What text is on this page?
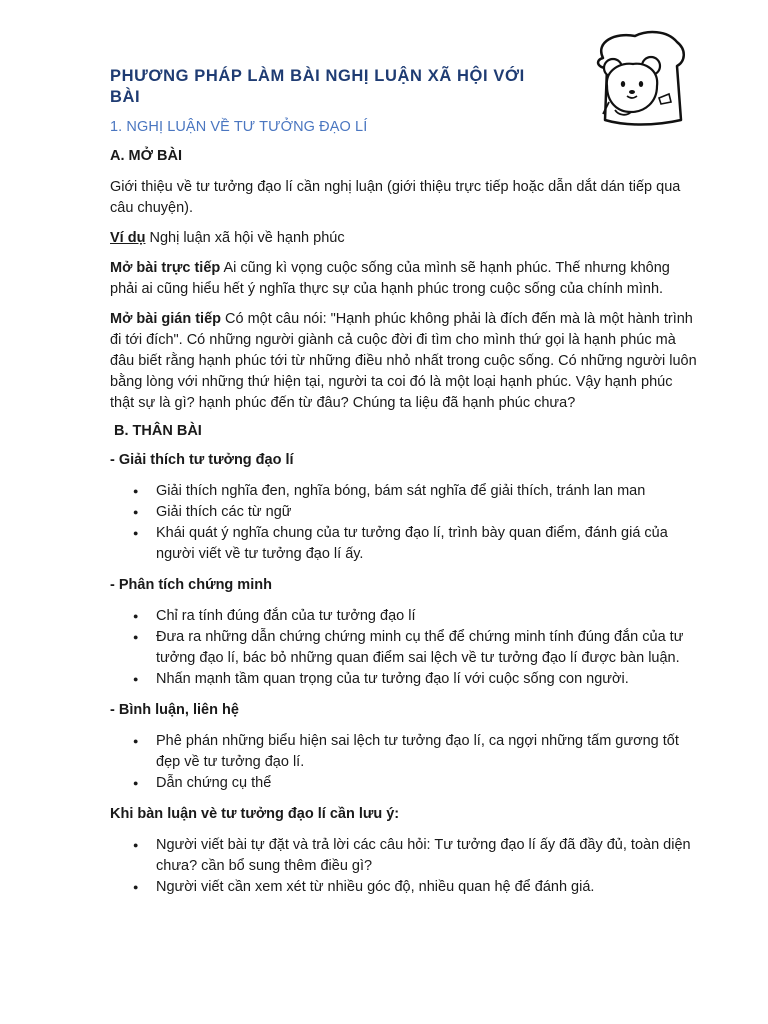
PHƯƠNG PHÁP LÀM BÀI NGHỊ LUẬN XÃ HỘI VỚI
BÀI
1. NGHỊ LUẬN VỀ TƯ TƯỞNG ĐẠO LÍ
A. MỞ BÀI
Giới thiệu về tư tưởng đạo lí cần nghị luận (giới thiệu trực tiếp hoặc dẫn dắt dán tiếp qua câu chuyện).
Ví dụ Nghị luận xã hội về hạnh phúc
Mở bài trực tiếp Ai cũng kì vọng cuộc sống của mình sẽ hạnh phúc. Thế nhưng không phải ai cũng hiểu hết ý nghĩa thực sự của hạnh phúc trong cuộc sống của chính mình.
Mở bài gián tiếp Có một câu nói: "Hạnh phúc không phải là đích đến mà là một hành trình đi tới đích". Có những người giành cả cuộc đời đi tìm cho mình thứ gọi là hạnh phúc mà đâu biết rằng hạnh phúc tới từ những điều nhỏ nhất trong cuộc sống. Có những người luôn bằng lòng với những thứ hiện tại, người ta coi đó là một loại hạnh phúc. Vậy hạnh phúc thật sự là gì? hạnh phúc đến từ đâu? Chúng ta liệu đã hạnh phúc chưa?
B. THÂN BÀI
- Giải thích tư tưởng đạo lí
● Giải thích nghĩa đen, nghĩa bóng, bám sát nghĩa để giải thích, tránh lan man
● Giải thích các từ ngữ
● Khái quát ý nghĩa chung của tư tưởng đạo lí, trình bày quan điểm, đánh giá của người viết về tư tưởng đạo lí ấy.
- Phân tích chứng minh
● Chỉ ra tính đúng đắn của tư tưởng đạo lí
● Đưa ra những dẫn chứng chứng minh cụ thể để chứng minh tính đúng đắn của tư tưởng đạo lí, bác bỏ những quan điểm sai lệch về tư tưởng đạo lí được bàn luận.
● Nhấn mạnh tầm quan trọng của tư tưởng đạo lí với cuộc sống con người.
- Bình luận, liên hệ
● Phê phán những biểu hiện sai lệch tư tưởng đạo lí, ca ngợi những tấm gương tốt đẹp về tư tưởng đạo lí.
● Dẫn chứng cụ thể
Khi bàn luận vè tư tưởng đạo lí cần lưu ý:
● Người viết bài tự đặt và trả lời các câu hỏi: Tư tưởng đạo lí ấy đã đầy đủ, toàn diện chưa? cần bổ sung thêm điều gì?
● Người viết cần xem xét từ nhiều góc độ, nhiều quan hệ để đánh giá.
